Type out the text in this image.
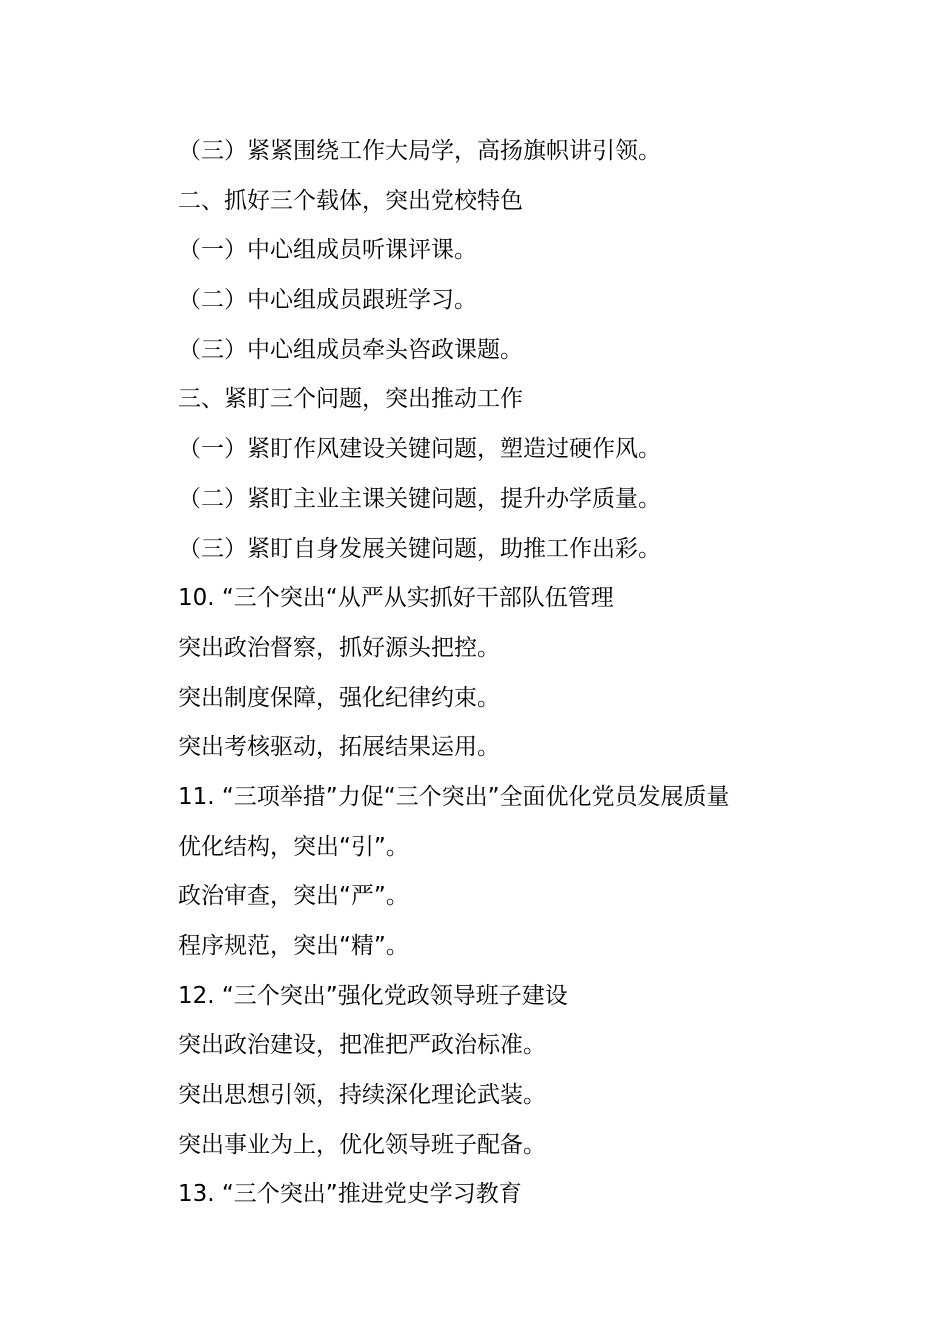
（三）紧紧围绕工作大局学，高扬旗帜讲引领。
二、抓好三个载体，突出党校特色
（一）中心组成员听课评课。
（二）中心组成员跟班学习。
（三）中心组成员牵头咨政课题。
三、紧盯三个问题，突出推动工作
（一）紧盯作风建设关键问题，塑造过硬作风。
（二）紧盯主业主课关键问题，提升办学质量。
（三）紧盯自身发展关键问题，助推工作出彩。
10. “三个突出“从严从实抓好干部队伍管理
突出政治督察，抓好源头把控。
突出制度保障，强化纪律约束。
突出考核驱动，拓展结果运用。
11. “三项举措”力促“三个突出”全面优化党员发展质量
优化结构，突出“引”。
政治审查，突出“严”。
程序规范，突出“精”。
12. “三个突出”强化党政领导班子建设
突出政治建设，把准把严政治标准。
突出思想引领，持续深化理论武装。
突出事业为上，优化领导班子配备。
13. “三个突出”推进党史学习教育
